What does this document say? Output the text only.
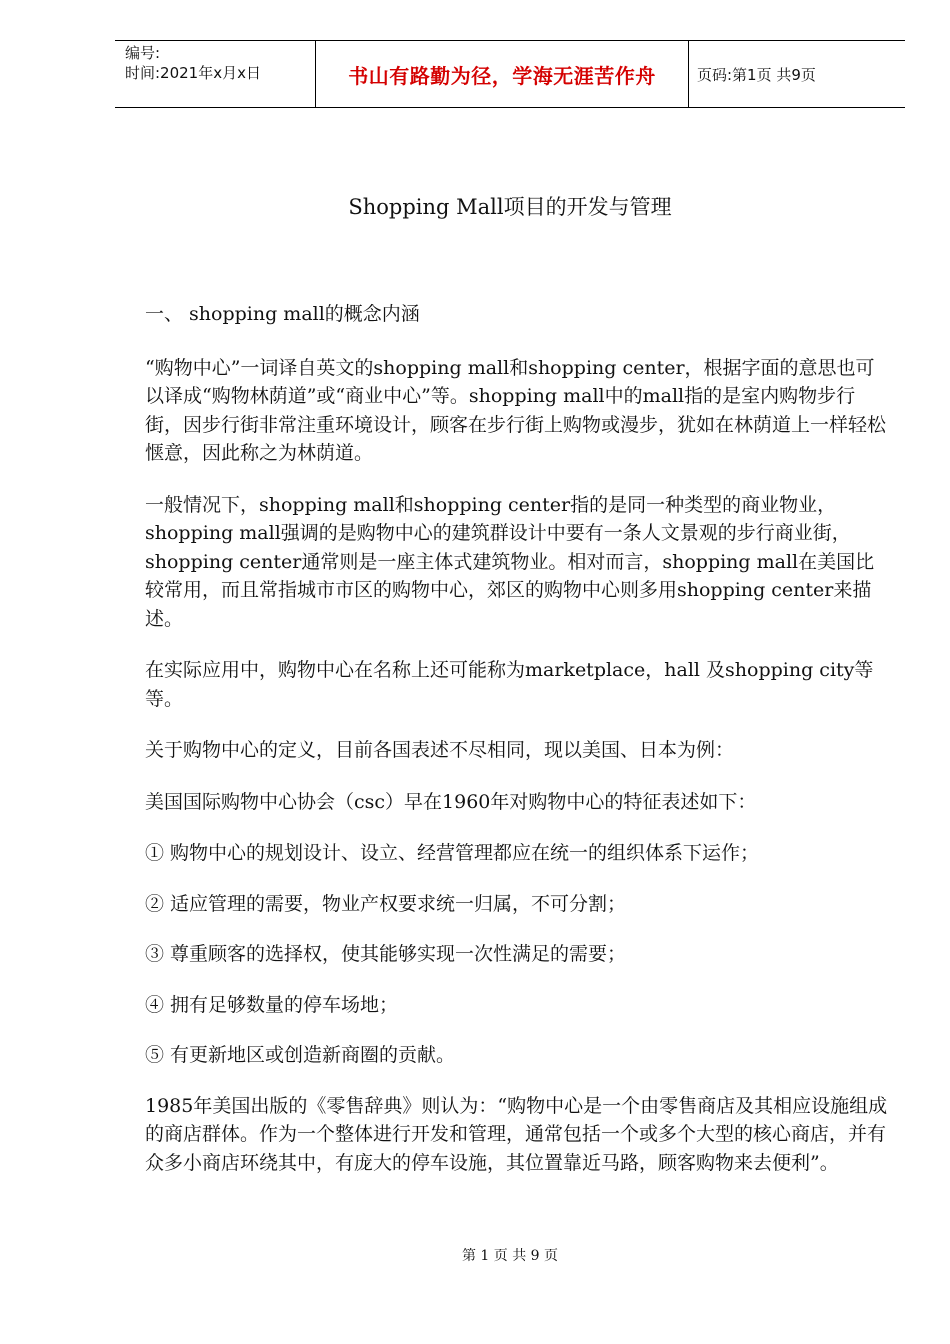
编号:
时间:2021年x月x日	书山有路勤为径，学海无涯苦作舟	页码:第1页 共9页
Shopping Mall项目的开发与管理

一、 shopping mall的概念内涵

“购物中心”一词译自英文的shopping mall和shopping center，根据字面的意思也可以译成“购物林荫道”或“商业中心”等。shopping mall中的mall指的是室内购物步行街，因步行街非常注重环境设计，顾客在步行街上购物或漫步，犹如在林荫道上一样轻松惬意，因此称之为林荫道。

一般情况下，shopping mall和shopping center指的是同一种类型的商业物业，shopping mall强调的是购物中心的建筑群设计中要有一条人文景观的步行商业街，shopping center通常则是一座主体式建筑物业。相对而言，shopping mall在美国比较常用，而且常指城市市区的购物中心，郊区的购物中心则多用shopping center来描述。

在实际应用中，购物中心在名称上还可能称为marketplace，hall 及shopping city等等。

关于购物中心的定义，目前各国表述不尽相同，现以美国、日本为例：

美国国际购物中心协会（csc）早在1960年对购物中心的特征表述如下：

① 购物中心的规划设计、设立、经营管理都应在统一的组织体系下运作；

② 适应管理的需要，物业产权要求统一归属，不可分割；

③ 尊重顾客的选择权，使其能够实现一次性满足的需要；

④ 拥有足够数量的停车场地；

⑤ 有更新地区或创造新商圈的贡献。

1985年美国出版的《零售辞典》则认为：“购物中心是一个由零售商店及其相应设施组成的商店群体。作为一个整体进行开发和管理，通常包括一个或多个大型的核心商店，并有众多小商店环绕其中，有庞大的停车设施，其位置靠近马路，顾客购物来去便利”。

第 1 页 共 9 页
